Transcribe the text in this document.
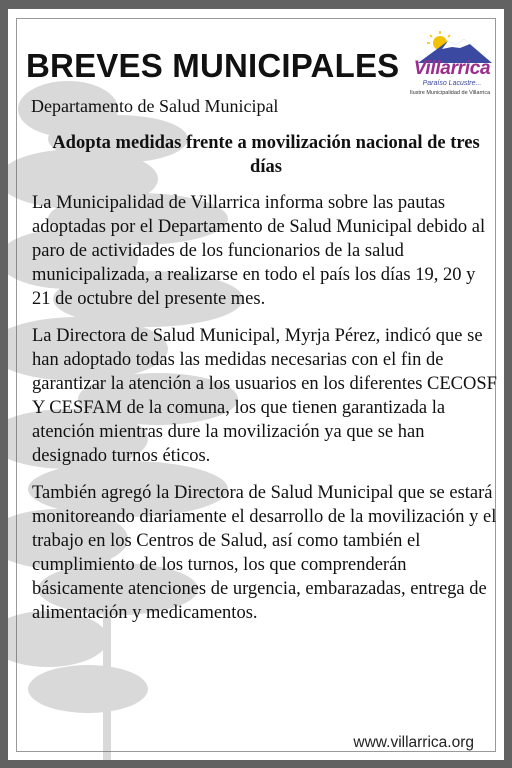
BREVES MUNICIPALES
Departamento de Salud Municipal
Villarrica
Paraíso Lacustre...
Ilustre Municipalidad de Villarrica
Adopta medidas frente a movilización nacional de tres días

La Municipalidad de Villarrica informa sobre las pautas adoptadas por el Departamento de Salud Municipal debido al paro de actividades de los funcionarios de la salud municipalizada, a realizarse en todo el país los días 19, 20 y 21 de octubre del presente mes.

La Directora de Salud Municipal, Myrja Pérez, indicó que se han adoptado todas las medidas necesarias con el fin de garantizar la atención a los usuarios en los diferentes CECOSF Y CESFAM de la comuna, los que tienen garantizada la atención mientras dure la movilización ya que se han designado turnos éticos.

También agregó la Directora de Salud Municipal que se estará monitoreando diariamente el desarrollo de la movilización y el trabajo en los Centros de Salud, así como también el cumplimiento de los turnos, los que comprenderán básicamente atenciones de urgencia, embarazadas, entrega de alimentación y medicamentos.

www.villarrica.org
